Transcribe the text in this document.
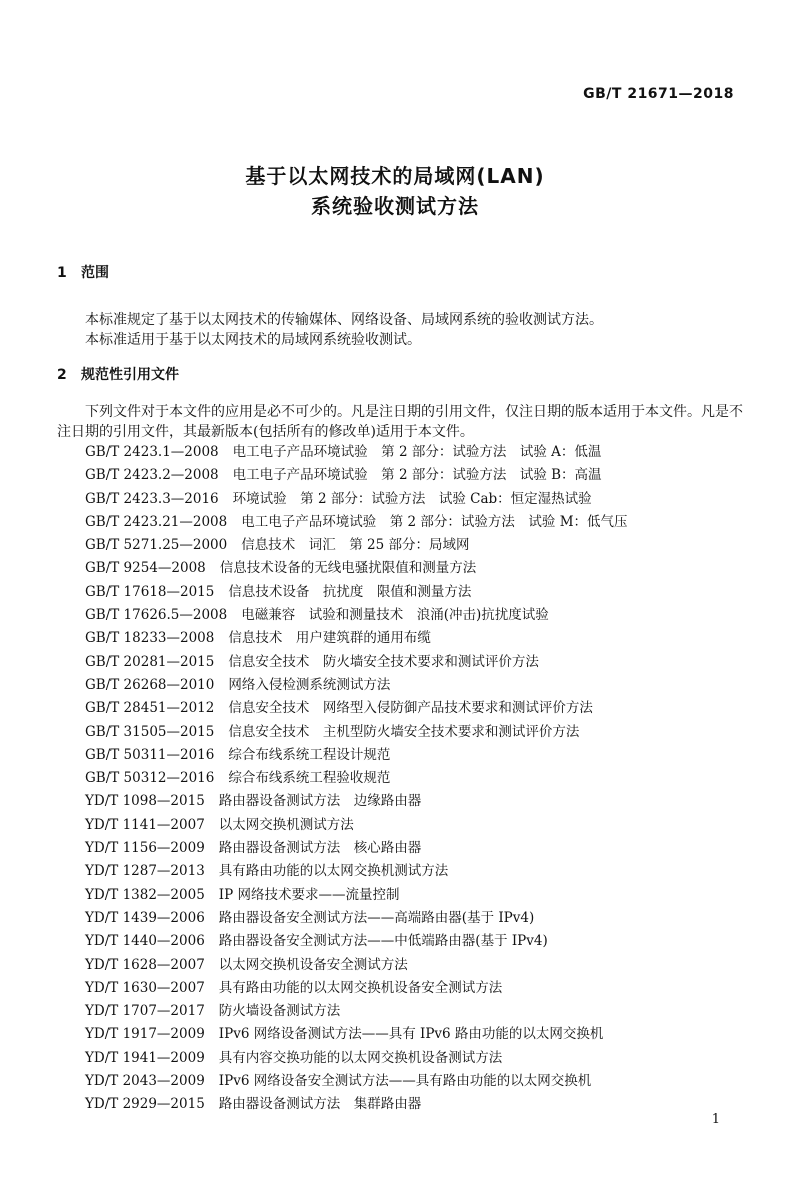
GB/T 21671—2018
基于以太网技术的局域网(LAN)
系统验收测试方法
1 范围
本标准规定了基于以太网技术的传输媒体、网络设备、局域网系统的验收测试方法。
本标准适用于基于以太网技术的局域网系统验收测试。
2 规范性引用文件
下列文件对于本文件的应用是必不可少的。凡是注日期的引用文件，仅注日期的版本适用于本文件。凡是不注日期的引用文件，其最新版本(包括所有的修改单)适用于本文件。
GB/T 2423.1—2008 电工电子产品环境试验　第 2 部分：试验方法　试验 A：低温
GB/T 2423.2—2008 电工电子产品环境试验　第 2 部分：试验方法　试验 B：高温
GB/T 2423.3—2016 环境试验　第 2 部分：试验方法　试验 Cab：恒定湿热试验
GB/T 2423.21—2008 电工电子产品环境试验　第 2 部分：试验方法　试验 M：低气压
GB/T 5271.25—2000 信息技术　词汇　第 25 部分：局域网
GB/T 9254—2008 信息技术设备的无线电骚扰限值和测量方法
GB/T 17618—2015 信息技术设备　抗扰度　限值和测量方法
GB/T 17626.5—2008 电磁兼容　试验和测量技术　浪涌(冲击)抗扰度试验
GB/T 18233—2008 信息技术　用户建筑群的通用布缆
GB/T 20281—2015 信息安全技术　防火墙安全技术要求和测试评价方法
GB/T 26268—2010 网络入侵检测系统测试方法
GB/T 28451—2012 信息安全技术　网络型入侵防御产品技术要求和测试评价方法
GB/T 31505—2015 信息安全技术　主机型防火墙安全技术要求和测试评价方法
GB/T 50311—2016 综合布线系统工程设计规范
GB/T 50312—2016 综合布线系统工程验收规范
YD/T 1098—2015 路由器设备测试方法　边缘路由器
YD/T 1141—2007 以太网交换机测试方法
YD/T 1156—2009 路由器设备测试方法　核心路由器
YD/T 1287—2013 具有路由功能的以太网交换机测试方法
YD/T 1382—2005 IP 网络技术要求——流量控制
YD/T 1439—2006 路由器设备安全测试方法——高端路由器(基于 IPv4)
YD/T 1440—2006 路由器设备安全测试方法——中低端路由器(基于 IPv4)
YD/T 1628—2007 以太网交换机设备安全测试方法
YD/T 1630—2007 具有路由功能的以太网交换机设备安全测试方法
YD/T 1707—2017 防火墙设备测试方法
YD/T 1917—2009 IPv6 网络设备测试方法——具有 IPv6 路由功能的以太网交换机
YD/T 1941—2009 具有内容交换功能的以太网交换机设备测试方法
YD/T 2043—2009 IPv6 网络设备安全测试方法——具有路由功能的以太网交换机
YD/T 2929—2015 路由器设备测试方法　集群路由器
1
